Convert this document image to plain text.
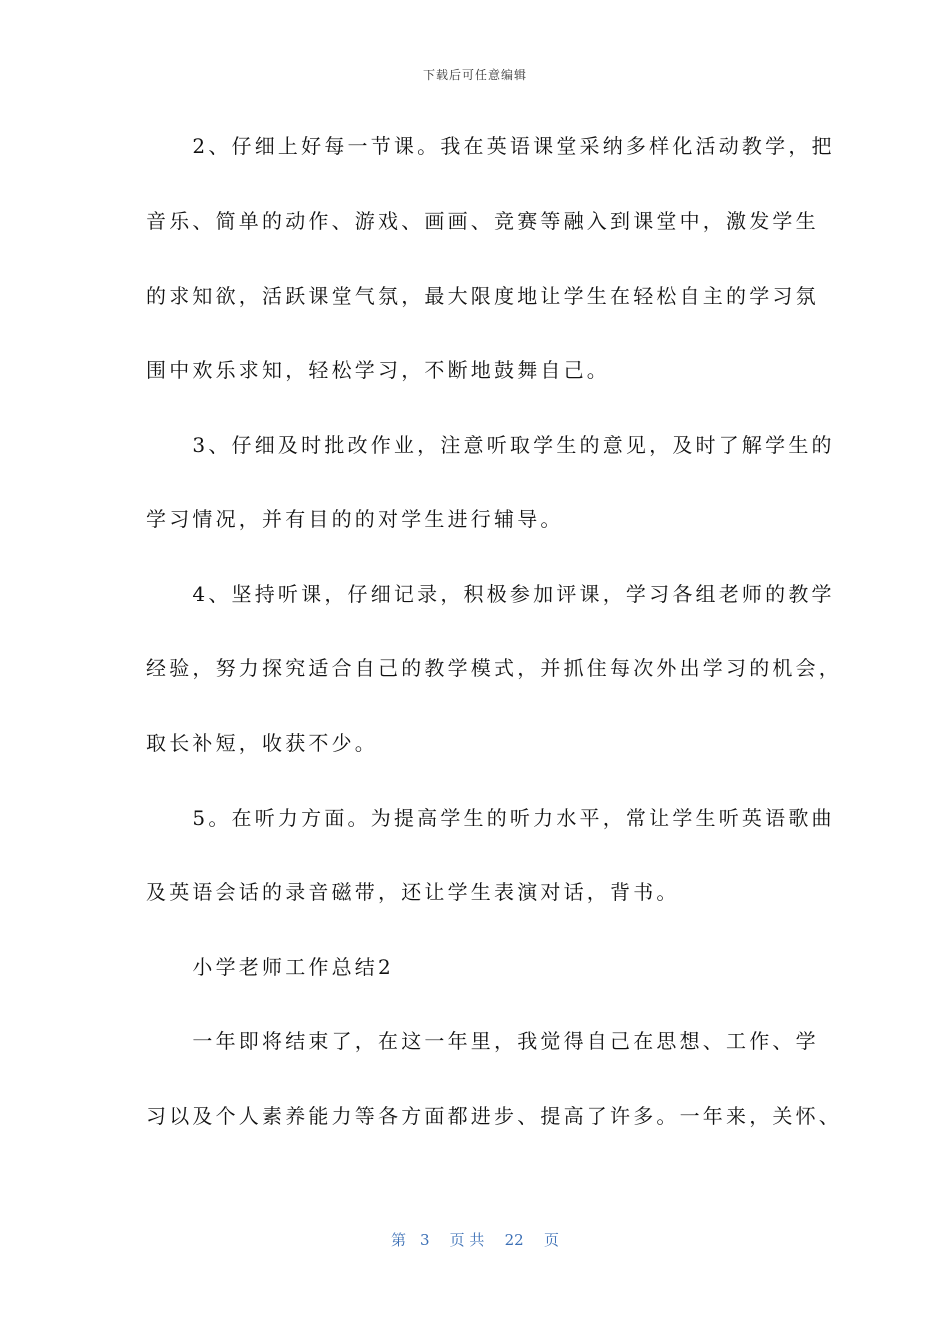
下载后可任意编辑
　　2、仔细上好每一节课。我在英语课堂采纳多样化活动教学，把
音乐、简单的动作、游戏、画画、竞赛等融入到课堂中，激发学生
的求知欲，活跃课堂气氛，最大限度地让学生在轻松自主的学习氛
围中欢乐求知，轻松学习，不断地鼓舞自己。
　　3、仔细及时批改作业，注意听取学生的意见，及时了解学生的
学习情况，并有目的的对学生进行辅导。
　　4、坚持听课，仔细记录，积极参加评课，学习各组老师的教学
经验，努力探究适合自己的教学模式，并抓住每次外出学习的机会，
取长补短，收获不少。
　　5。在听力方面。为提高学生的听力水平，常让学生听英语歌曲
及英语会话的录音磁带，还让学生表演对话，背书。
　　小学老师工作总结2
　　一年即将结束了，在这一年里，我觉得自己在思想、工作、学
习以及个人素养能力等各方面都进步、提高了许多。一年来，关怀、
第 3 页 共 22 页
